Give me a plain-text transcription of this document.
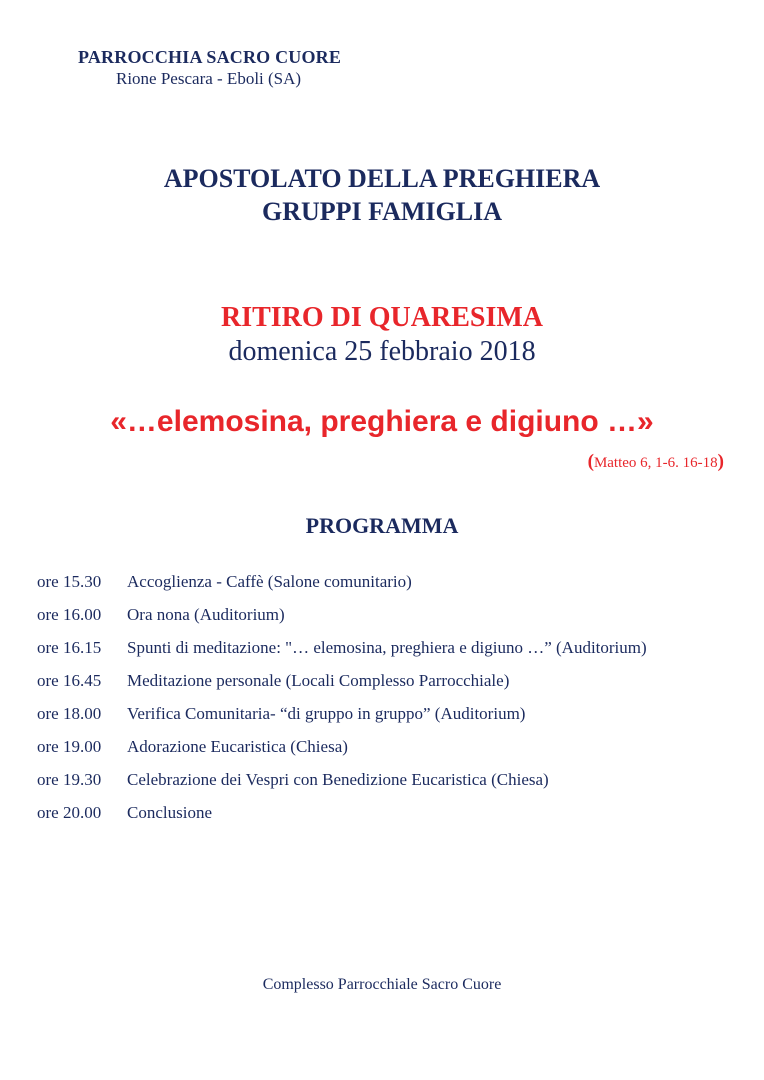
PARROCCHIA SACRO CUORE
Rione Pescara - Eboli (SA)
APOSTOLATO DELLA PREGHIERA
GRUPPI FAMIGLIA
RITIRO DI QUARESIMA
domenica 25 febbraio 2018
«…elemosina, preghiera e digiuno …»
(Matteo 6, 1-6. 16-18)
PROGRAMMA
ore 15.30	Accoglienza - Caffè (Salone comunitario)
ore 16.00	Ora nona (Auditorium)
ore 16.15	Spunti di meditazione: "… elemosina, preghiera e digiuno …” (Auditorium)
ore 16.45	Meditazione personale (Locali Complesso Parrocchiale)
ore 18.00	Verifica Comunitaria- “di gruppo in gruppo” (Auditorium)
ore 19.00	Adorazione Eucaristica (Chiesa)
ore 19.30	Celebrazione dei Vespri con Benedizione Eucaristica (Chiesa)
ore 20.00	Conclusione
Complesso Parrocchiale Sacro Cuore
